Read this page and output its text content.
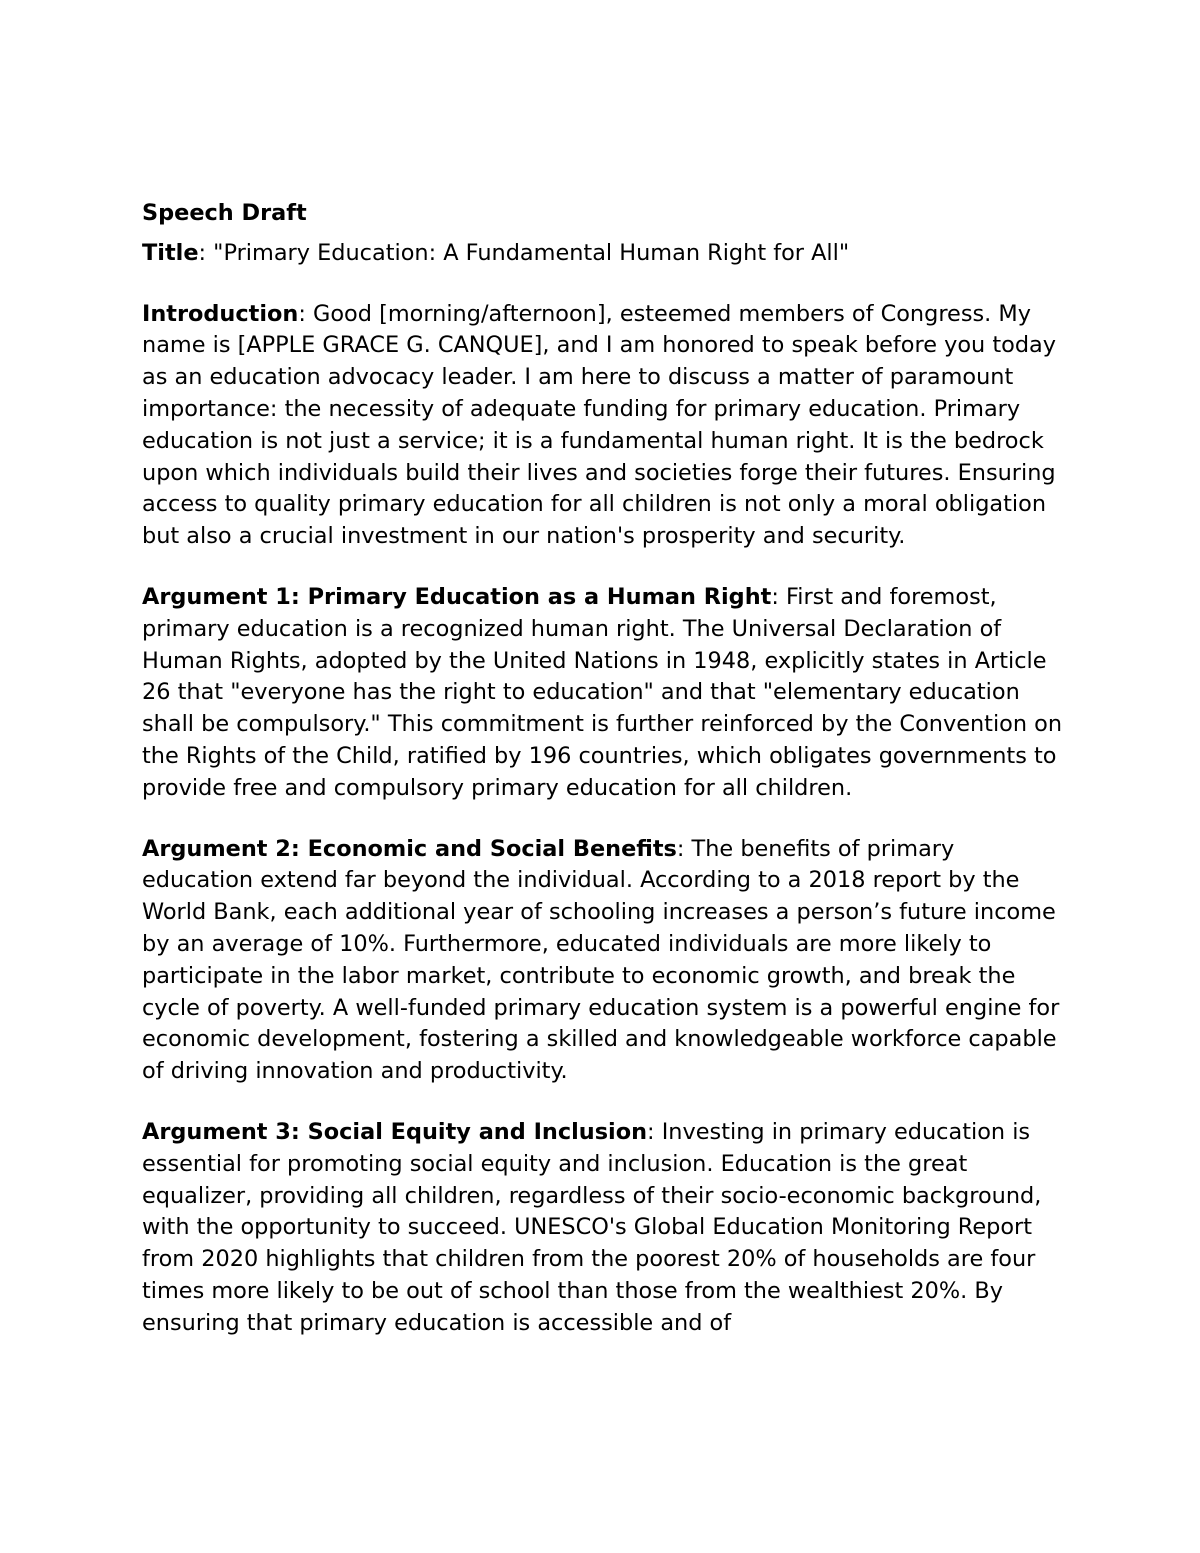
Speech Draft

Title: "Primary Education: A Fundamental Human Right for All"

Introduction: Good [morning/afternoon], esteemed members of Congress. My name is [APPLE GRACE G. CANQUE], and I am honored to speak before you today as an education advocacy leader. I am here to discuss a matter of paramount importance: the necessity of adequate funding for primary education. Primary education is not just a service; it is a fundamental human right. It is the bedrock upon which individuals build their lives and societies forge their futures. Ensuring access to quality primary education for all children is not only a moral obligation but also a crucial investment in our nation's prosperity and security.

Argument 1: Primary Education as a Human Right: First and foremost, primary education is a recognized human right. The Universal Declaration of Human Rights, adopted by the United Nations in 1948, explicitly states in Article 26 that "everyone has the right to education" and that "elementary education shall be compulsory." This commitment is further reinforced by the Convention on the Rights of the Child, ratified by 196 countries, which obligates governments to provide free and compulsory primary education for all children.

Argument 2: Economic and Social Benefits: The benefits of primary education extend far beyond the individual. According to a 2018 report by the World Bank, each additional year of schooling increases a person’s future income by an average of 10%. Furthermore, educated individuals are more likely to participate in the labor market, contribute to economic growth, and break the cycle of poverty. A well-funded primary education system is a powerful engine for economic development, fostering a skilled and knowledgeable workforce capable of driving innovation and productivity.

Argument 3: Social Equity and Inclusion: Investing in primary education is essential for promoting social equity and inclusion. Education is the great equalizer, providing all children, regardless of their socio-economic background, with the opportunity to succeed. UNESCO's Global Education Monitoring Report from 2020 highlights that children from the poorest 20% of households are four times more likely to be out of school than those from the wealthiest 20%. By ensuring that primary education is accessible and of
